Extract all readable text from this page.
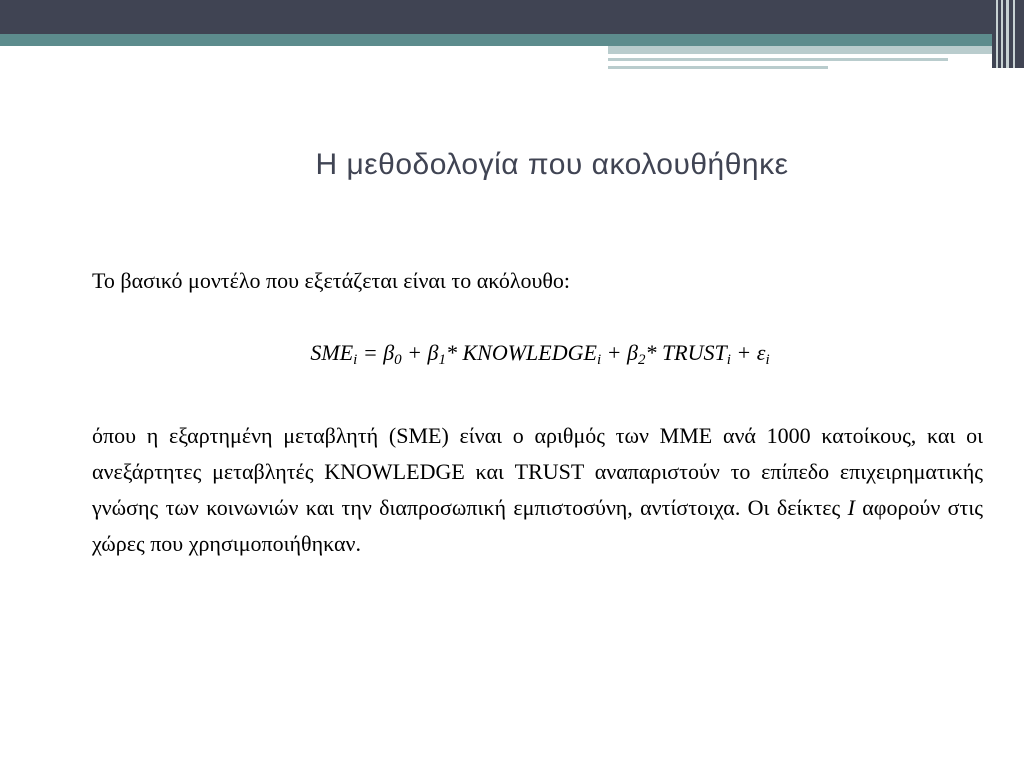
Η μεθοδολογία που ακολουθήθηκε
Το βασικό μοντέλο που εξετάζεται είναι το ακόλουθο:
$SME_i = \beta_0 + \beta_1*$ $KNOWLEDGE_i + \beta_2*$ $TRUST_i + \varepsilon_i$
όπου η εξαρτημένη μεταβλητή (SME) είναι ο αριθμός των ΜΜΕ ανά 1000 κατοίκους, και οι ανεξάρτητες μεταβλητές KNOWLEDGE και TRUST αναπαριστούν το επίπεδο επιχειρηματικής γνώσης των κοινωνιών και την διαπροσωπική εμπιστοσύνη, αντίστοιχα. Οι δείκτες I αφορούν στις χώρες που χρησιμοποιήθηκαν.
